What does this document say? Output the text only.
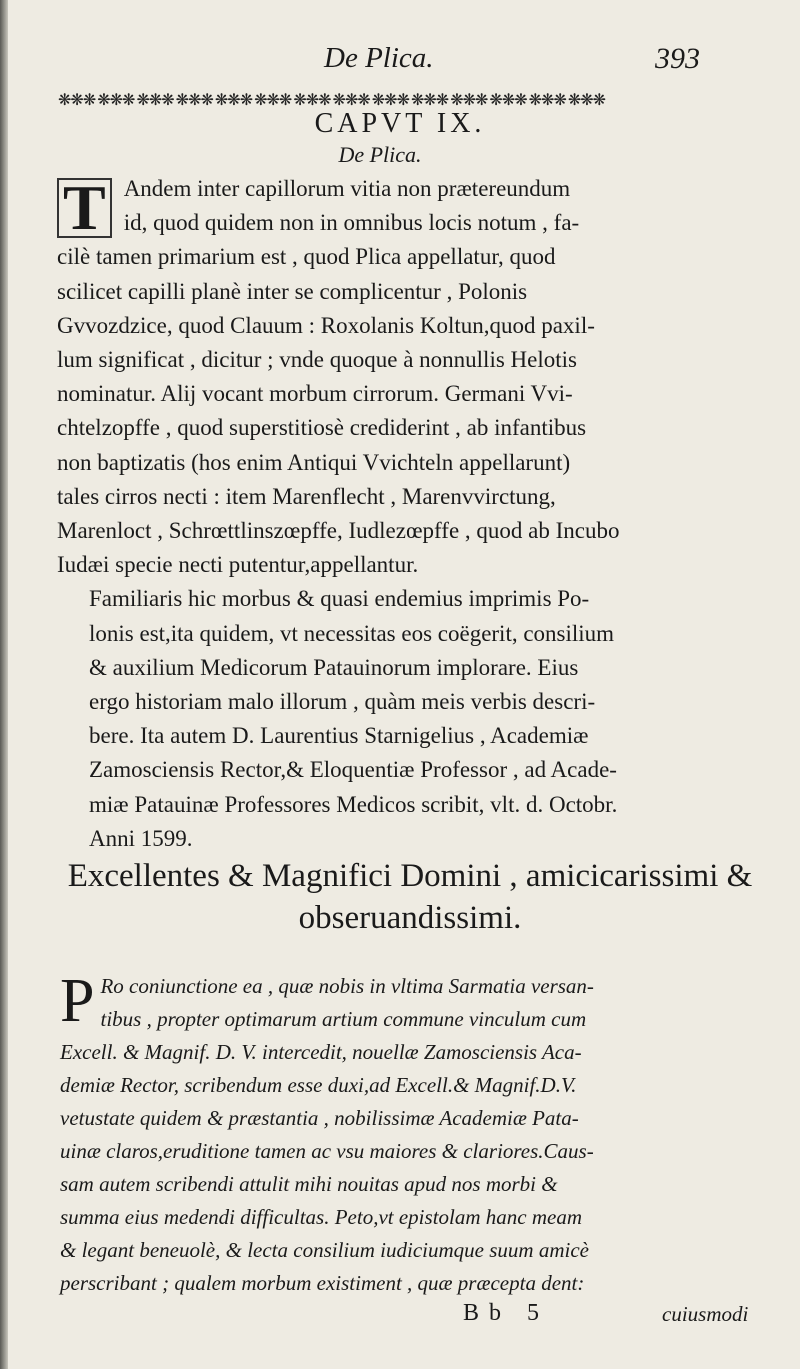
De Plica.	393
❋❋❋ ❋❋❋ ❋❋❋ ❋❋❋ ❋❋❋ ❋❋❋ ❋❋❋ ❋❋❋ ❋❋❋ ❋❋❋ ❋❋❋ ❋❋❋ ❋❋❋ ❋❋❋
CAPVT IX.
De Plica.

T Andem inter capillorum vitia non prætereundum
id, quod quidem non in omnibus locis notum , fa-
cilè tamen primarium est , quod Plica appellatur, quod
scilicet capilli planè inter se complicentur , Polonis
Gvvozdzice, quod Clauum : Roxolanis Koltun,quod paxil-
lum significat , dicitur ; vnde quoque à nonnullis Helotis
nominatur. Alij vocant morbum cirrorum. Germani Vvi-
chtelzopffe , quod superstitiosè crediderint , ab infantibus
non baptizatis (hos enim Antiqui Vvichteln appellarunt)
tales cirros necti : item Marenflecht , Marenvvirctung,
Marenloct , Schrœttlinszœpffe, Iudlezœpffe , quod ab Incubo
Iudæi specie necti putentur,appellantur.

Familiaris hic morbus & quasi endemius imprimis Po-
lonis est,ita quidem, vt necessitas eos coëgerit, consilium
& auxilium Medicorum Patauinorum implorare. Eius
ergo historiam malo illorum , quàm meis verbis descri-
bere. Ita autem D. Laurentius Starnigelius , Academiæ
Zamosciensis Rector,& Eloquentiæ Professor , ad Acade-
miæ Patauinæ Professores Medicos scribit, vlt. d. Octobr.
Anni 1599.

Excellentes & Magnifici Domini , amicicarissimi & obseruandissimi.
P Ro coniunctione ea , quæ nobis in vltima Sarmatia versan-
tibus , propter optimarum artium commune vinculum cum
Excell. & Magnif. D. V. intercedit, nouellæ Zamosciensis Aca-
demiæ Rector, scribendum esse duxi,ad Excell.& Magnif.D.V.
vetustate quidem & præstantia , nobilissimæ Academiæ Pata-
uinæ claros,eruditione tamen ac vsu maiores & clariores.Caus-
sam autem scribendi attulit mihi nouitas apud nos morbi &
summa eius medendi difficultas. Peto,vt epistolam hanc meam
& legant beneuolè, & lecta consilium iudiciumque suum amicè
perscribant ; qualem morbum existiment , quæ præcepta dent:
Bb 5	cuiusmodi
